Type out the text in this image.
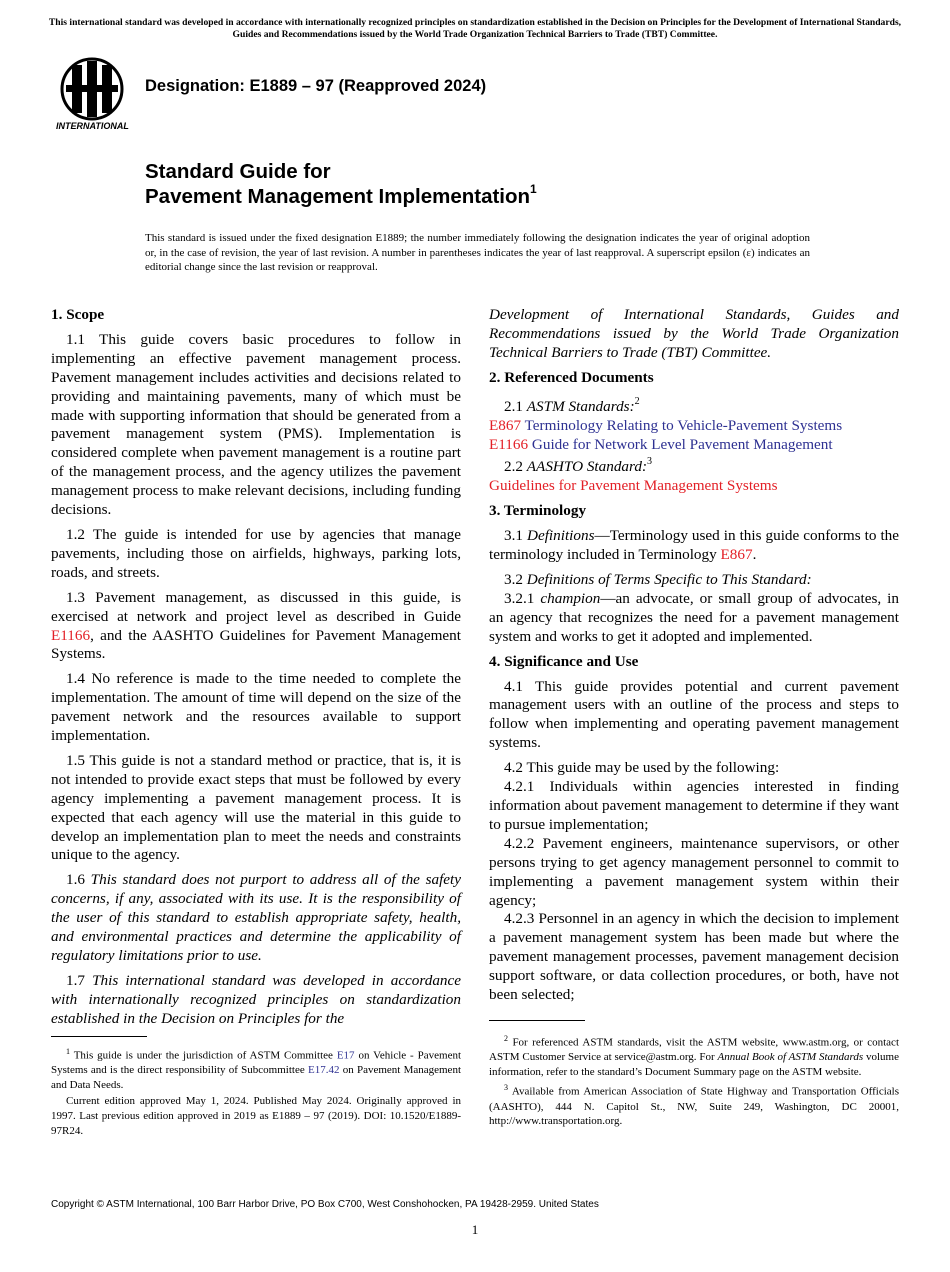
This international standard was developed in accordance with internationally recognized principles on standardization established in the Decision on Principles for the Development of International Standards, Guides and Recommendations issued by the World Trade Organization Technical Barriers to Trade (TBT) Committee.
INTERNATIONAL
Designation: E1889 – 97 (Reapproved 2024)
Standard Guide for
Pavement Management Implementation$^1$
This standard is issued under the fixed designation E1889; the number immediately following the designation indicates the year of original adoption or, in the case of revision, the year of last revision. A number in parentheses indicates the year of last reapproval. A superscript epsilon (ε) indicates an editorial change since the last revision or reapproval.
1. Scope

1.1 This guide covers basic procedures to follow in implementing an effective pavement management process. Pavement management includes activities and decisions related to providing and maintaining pavements, many of which must be made with supporting information that should be generated from a pavement management system (PMS). Implementation is considered complete when pavement management is a routine part of the management process, and the agency utilizes the pavement management process to make relevant decisions, including funding decisions.

1.2 The guide is intended for use by agencies that manage pavements, including those on airfields, highways, parking lots, roads, and streets.

1.3 Pavement management, as discussed in this guide, is exercised at network and project level as described in Guide E1166, and the AASHTO Guidelines for Pavement Management Systems.

1.4 No reference is made to the time needed to complete the implementation. The amount of time will depend on the size of the pavement network and the resources available to support implementation.

1.5 This guide is not a standard method or practice, that is, it is not intended to provide exact steps that must be followed by every agency implementing a pavement management process. It is expected that each agency will use the material in this guide to develop an implementation plan to meet the needs and constraints unique to the agency.

1.6 This standard does not purport to address all of the safety concerns, if any, associated with its use. It is the responsibility of the user of this standard to establish appropriate safety, health, and environmental practices and determine the applicability of regulatory limitations prior to use.

1.7 This international standard was developed in accordance with internationally recognized principles on standardization established in the Decision on Principles for the

Development of International Standards, Guides and Recommendations issued by the World Trade Organization Technical Barriers to Trade (TBT) Committee.

2. Referenced Documents
2.1 ASTM Standards:$^2$
E867 Terminology Relating to Vehicle-Pavement Systems
E1166 Guide for Network Level Pavement Management
2.2 AASHTO Standard:$^3$
Guidelines for Pavement Management Systems
3. Terminology

3.1 Definitions—Terminology used in this guide conforms to the terminology included in Terminology E867.

3.2 Definitions of Terms Specific to This Standard:

3.2.1 champion—an advocate, or small group of advocates, in an agency that recognizes the need for a pavement management system and works to get it adopted and implemented.

4. Significance and Use

4.1 This guide provides potential and current pavement management users with an outline of the process and steps to follow when implementing and operating pavement management systems.

4.2 This guide may be used by the following:

4.2.1 Individuals within agencies interested in finding information about pavement management to determine if they want to pursue implementation;

4.2.2 Pavement engineers, maintenance supervisors, or other persons trying to get agency management personnel to commit to implementing a pavement management system within their agency;

4.2.3 Personnel in an agency in which the decision to implement a pavement management system has been made but where the pavement management processes, pavement management decision support software, or data collection procedures, or both, have not been selected;

$^1$ This guide is under the jurisdiction of ASTM Committee E17 on Vehicle - Pavement Systems and is the direct responsibility of Subcommittee E17.42 on Pavement Management and Data Needs.

Current edition approved May 1, 2024. Published May 2024. Originally approved in 1997. Last previous edition approved in 2019 as E1889 – 97 (2019). DOI: 10.1520/E1889-97R24.

$^2$ For referenced ASTM standards, visit the ASTM website, www.astm.org, or contact ASTM Customer Service at service@astm.org. For Annual Book of ASTM Standards volume information, refer to the standard’s Document Summary page on the ASTM website.

$^3$ Available from American Association of State Highway and Transportation Officials (AASHTO), 444 N. Capitol St., NW, Suite 249, Washington, DC 20001, http://www.transportation.org.

Copyright © ASTM International, 100 Barr Harbor Drive, PO Box C700, West Conshohocken, PA 19428-2959. United States
1
